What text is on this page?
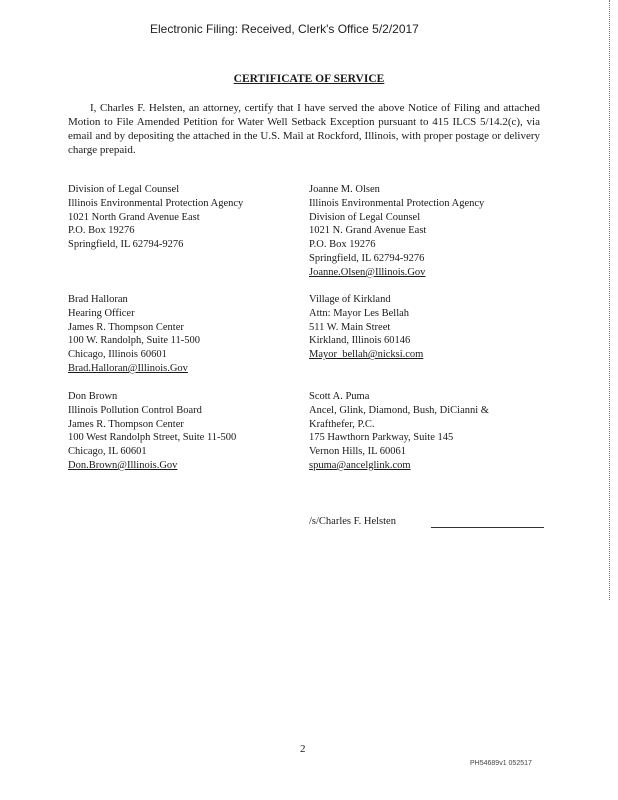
Electronic Filing: Received, Clerk's Office 5/2/2017
CERTIFICATE OF SERVICE
I, Charles F. Helsten, an attorney, certify that I have served the above Notice of Filing and attached Motion to File Amended Petition for Water Well Setback Exception pursuant to 415 ILCS 5/14.2(c), via email and by depositing the attached in the U.S. Mail at Rockford, Illinois, with proper postage or delivery charge prepaid.
Division of Legal Counsel
Illinois Environmental Protection Agency
1021 North Grand Avenue East
P.O. Box 19276
Springfield, IL 62794-9276
Brad Halloran
Hearing Officer
James R. Thompson Center
100 W. Randolph, Suite 11-500
Chicago, Illinois 60601
Brad.Halloran@Illinois.Gov
Don Brown
Illinois Pollution Control Board
James R. Thompson Center
100 West Randolph Street, Suite 11-500
Chicago, IL 60601
Don.Brown@Illinois.Gov
Joanne M. Olsen
Illinois Environmental Protection Agency
Division of Legal Counsel
1021 N. Grand Avenue East
P.O. Box 19276
Springfield, IL 62794-9276
Joanne.Olsen@Illinois.Gov
Village of Kirkland
Attn: Mayor Les Bellah
511 W. Main Street
Kirkland, Illinois 60146
Mayor_bellah@nicksi.com
Scott A. Puma
Ancel, Glink, Diamond, Bush, DiCianni &
Krafthefer, P.C.
175 Hawthorn Parkway, Suite 145
Vernon Hills, IL 60061
spuma@ancelglink.com
/s/Charles F. Helsten
2
PH54689v1 052517
